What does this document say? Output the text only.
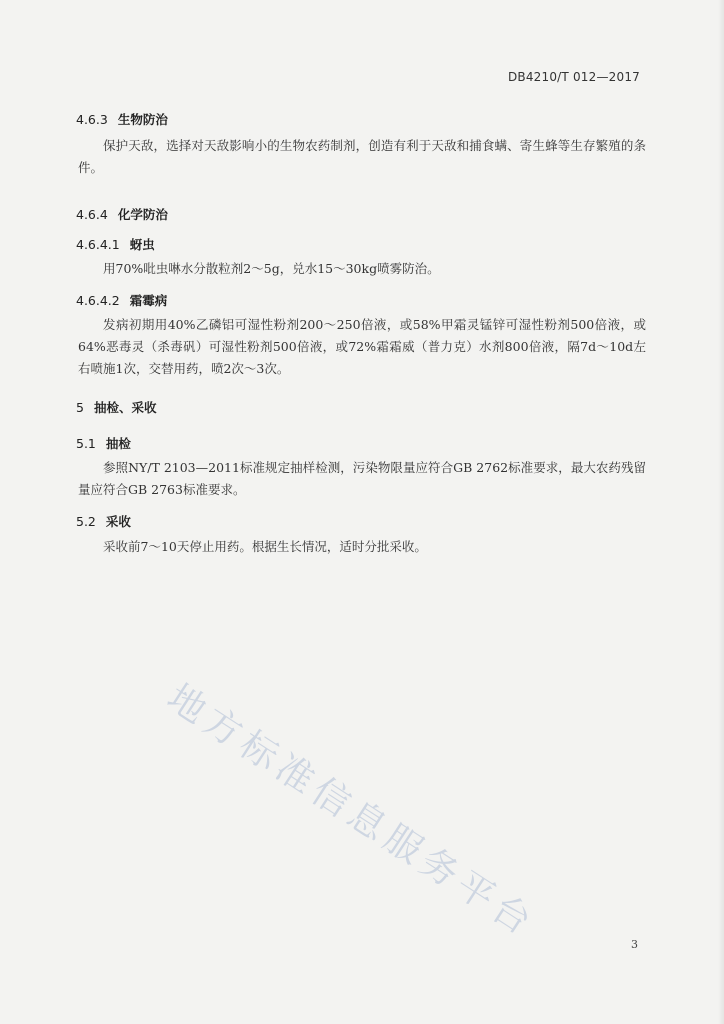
DB4210/T 012—2017
4.6.3 生物防治
保护天敌，选择对天敌影响小的生物农药制剂，创造有利于天敌和捕食螨、寄生蜂等生存繁殖的条件。
4.6.4 化学防治
4.6.4.1 蚜虫
用70%吡虫啉水分散粒剂2～5g，兑水15～30kg喷雾防治。
4.6.4.2 霜霉病
发病初期用40%乙磷铝可湿性粉剂200～250倍液，或58%甲霜灵锰锌可湿性粉剂500倍液，或64%恶毒灵（杀毒矾）可湿性粉剂500倍液，或72%霜霜威（普力克）水剂800倍液，隔7d～10d左右喷施1次，交替用药，喷2次～3次。
5 抽检、采收
5.1 抽检
参照NY/T 2103—2011标准规定抽样检测，污染物限量应符合GB 2762标准要求，最大农药残留量应符合GB 2763标准要求。
5.2 采收
采收前7～10天停止用药。根据生长情况，适时分批采收。
地方标准信息服务平台	3
